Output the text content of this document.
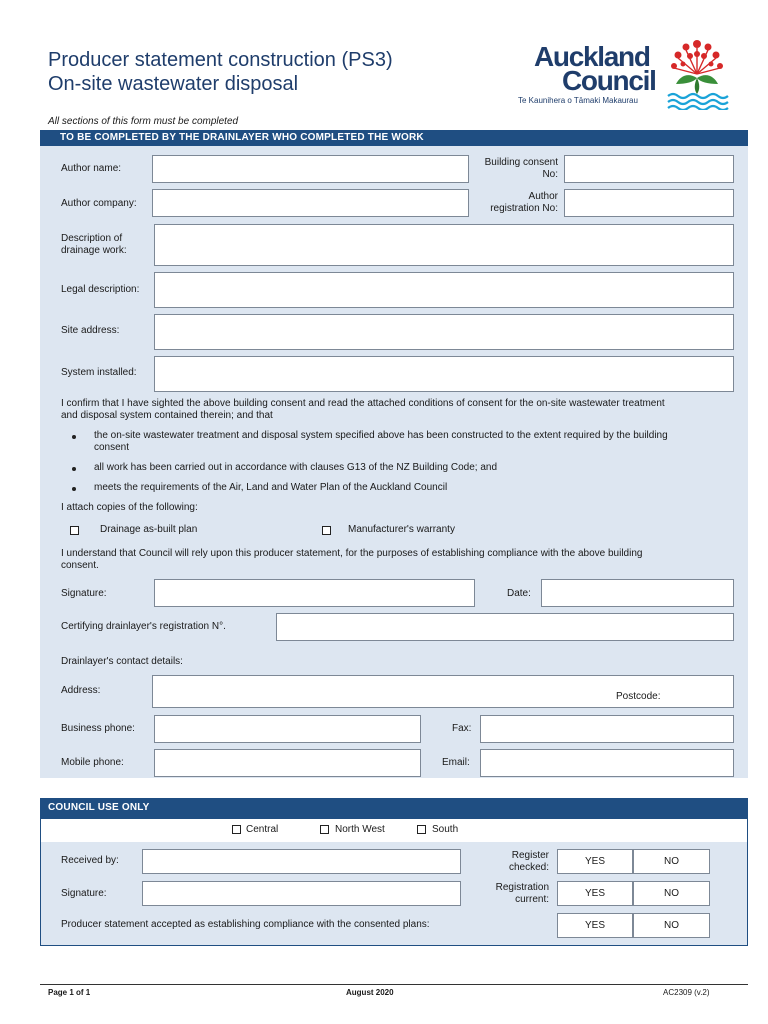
Producer statement construction (PS3)
On-site wastewater disposal
Auckland
Council
Te Kaunihera o Tāmaki Makaurau
All sections of this form must be completed
TO BE COMPLETED BY THE DRAINLAYER WHO COMPLETED THE WORK
Author name:
Building consent
No:
Author company:
Author
registration No:
Description of
drainage work:
Legal description:
Site address:
System installed:
I confirm that I have sighted the above building consent and read the attached conditions of consent for the on-site wastewater treatment
and disposal system contained therein; and that
the on-site wastewater treatment and disposal system specified above has been constructed to the extent required by the building
consent
all work has been carried out in accordance with clauses G13 of the NZ Building Code; and
meets the requirements of the Air, Land and Water Plan of the Auckland Council
I attach copies of the following:
Drainage as-built plan	Manufacturer's warranty
I understand that Council will rely upon this producer statement, for the purposes of establishing compliance with the above building
consent.
Signature:	Date:
Certifying drainlayer's registration N°.
Drainlayer's contact details:
Address:
Postcode:
Business phone:	Fax:
Mobile phone:	Email:
COUNCIL USE ONLY
Central	North West	South
Received by:	Register
checked:
YES	NO
Signature:
Registration
current:
YES	NO
Producer statement accepted as establishing compliance with the consented plans:	YES	NO
Page 1 of 1	August 2020	AC2309 (v.2)
